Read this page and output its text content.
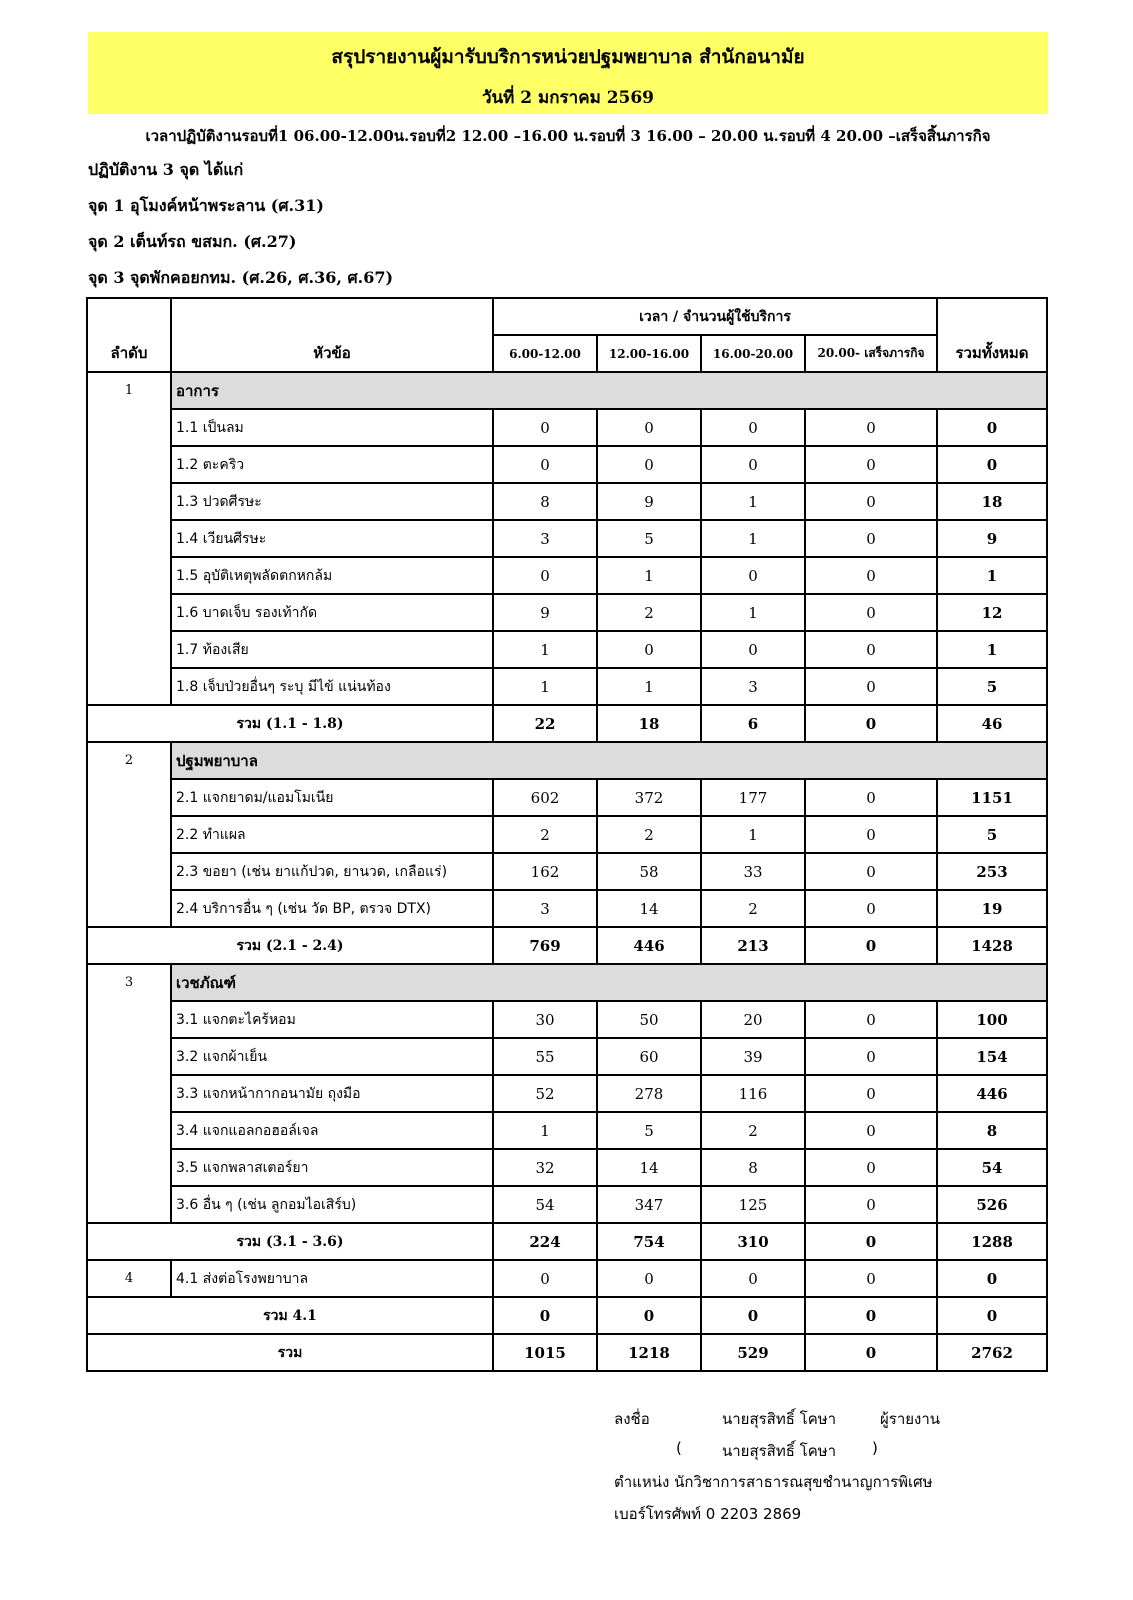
สรุปรายงานผู้มารับบริการหน่วยปฐมพยาบาล สำนักอนามัย
วันที่ 2 มกราคม 2569
เวลาปฏิบัติงานรอบที่1 06.00-12.00น.รอบที่2 12.00 –16.00 น.รอบที่ 3 16.00 – 20.00 น.รอบที่ 4 20.00 –เสร็จสิ้นภารกิจ
ปฏิบัติงาน 3 จุด ได้แก่
จุด 1 อุโมงค์หน้าพระลาน (ศ.31)
จุด 2 เต็นท์รถ ขสมก. (ศ.27)
จุด 3 จุดพักคอยกทม. (ศ.26, ศ.36, ศ.67)
ลำดับ	หัวข้อ	เวลา / จำนวนผู้ใช้บริการ				รวมทั้งหมด
		6.00-12.00	12.00-16.00	16.00-20.00	20.00- เสร็จภารกิจ	
1	อาการ					
	1.1 เป็นลม	0	0	0	0	0
	1.2 ตะคริว	0	0	0	0	0
	1.3 ปวดศีรษะ	8	9	1	0	18
	1.4 เวียนศีรษะ	3	5	1	0	9
	1.5 อุบัติเหตุพลัดตกหกล้ม	0	1	0	0	1
	1.6 บาดเจ็บ รองเท้ากัด	9	2	1	0	12
	1.7 ท้องเสีย	1	0	0	0	1
	1.8 เจ็บป่วยอื่นๆ ระบุ มีไข้ แน่นท้อง	1	1	3	0	5
รวม (1.1 - 1.8)		22	18	6	0	46
2	ปฐมพยาบาล					
	2.1 แจกยาดม/แอมโมเนีย	602	372	177	0	1151
	2.2 ทำแผล	2	2	1	0	5
	2.3 ขอยา (เช่น ยาแก้ปวด, ยานวด, เกลือแร่)	162	58	33	0	253
	2.4 บริการอื่น ๆ (เช่น วัด BP, ตรวจ DTX)	3	14	2	0	19
รวม (2.1 - 2.4)		769	446	213	0	1428
3	เวชภัณฑ์					
	3.1 แจกตะไคร้หอม	30	50	20	0	100
	3.2 แจกผ้าเย็น	55	60	39	0	154
	3.3 แจกหน้ากากอนามัย ถุงมือ	52	278	116	0	446
	3.4 แจกแอลกอฮอล์เจล	1	5	2	0	8
	3.5 แจกพลาสเตอร์ยา	32	14	8	0	54
	3.6 อื่น ๆ (เช่น ลูกอมไอเสิร์บ)	54	347	125	0	526
รวม (3.1 - 3.6)		224	754	310	0	1288
4	4.1 ส่งต่อโรงพยาบาล	0	0	0	0	0
รวม 4.1		0	0	0	0	0
รวม		1015	1218	529	0	2762
ลงชื่อ	นายสุรสิทธิ์ โคษา	ผู้รายงาน
(	นายสุรสิทธิ์ โคษา )
ตำแหน่ง นักวิชาการสาธารณสุขชำนาญการพิเศษ
เบอร์โทรศัพท์ 0 2203 2869
